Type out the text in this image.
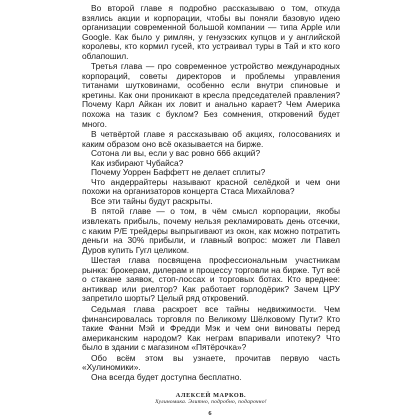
Во второй главе я подробно рассказываю о том, откуда взялись акции и корпорации, чтобы вы поняли базовую идею организации современной большой компании — типа Apple или Google. Как было у римлян, у генуэзских купцов и у английской королевы, кто кормил гусей, кто устраивал туры в Тай и кто кого облапошил.

Третья глава — про современное устройство международных корпораций, советы директоров и проблемы управления титанами шутковинами, особенно если внутри спиновые и кретины. Как они проникают в кресла председателей правления? Почему Карл Айкан их ловит и анально карает? Чем Америка похожа на тазик с буклом? Без сомнения, откровений будет много.

В четвёртой главе я рассказываю об акциях, голосованиях и каким образом оно всё оказывается на бирже.

Сотона ли вы, если у вас ровно 666 акций?

Как избирают Чубайса?

Почему Уоррен Баффетт не делает сплиты?

Что андеррайтеры называют красной селёдкой и чем они похожи на организаторов концерта Стаса Михайлова?

Все эти тайны будут раскрыты.

В пятой главе — о том, в чём смысл корпорации, якобы извлекать прибыль, почему нельзя рекламировать день отсечки, с каким P/E трейдеры выпрыгивают из окон, как можно потратить деньги на 30% прибыли, и главный вопрос: может ли Павел Дуров купить Гугл целиком.

Шестая глава посвящена профессиональным участникам рынка: брокерам, дилерам и процессу торговли на бирже. Тут всё о стакане заявок, стоп-лоссах и торговых ботах. Кто вреднее: антиквар или риелтор? Как работает горлодёрик? Зачем ЦРУ запретило шорты? Целый ряд откровений.

Седьмая глава раскроет все тайны недвижимости. Чем финансировалась торговля по Великому Шёлковому Пути? Кто такие Фанни Мэй и Фредди Мэк и чем они виноваты перед американским народом? Как неграм впаривали ипотеку? Что было в здании с магазином «Пятёрочка»?

Обо всём этом вы узнаете, прочитав первую часть «Хулиномики».

Она всегда будет доступна бесплатно.

АЛЕКСЕЙ МАРКОВ.
Хулиномика. Элитно, подробно, подарочно!
6
